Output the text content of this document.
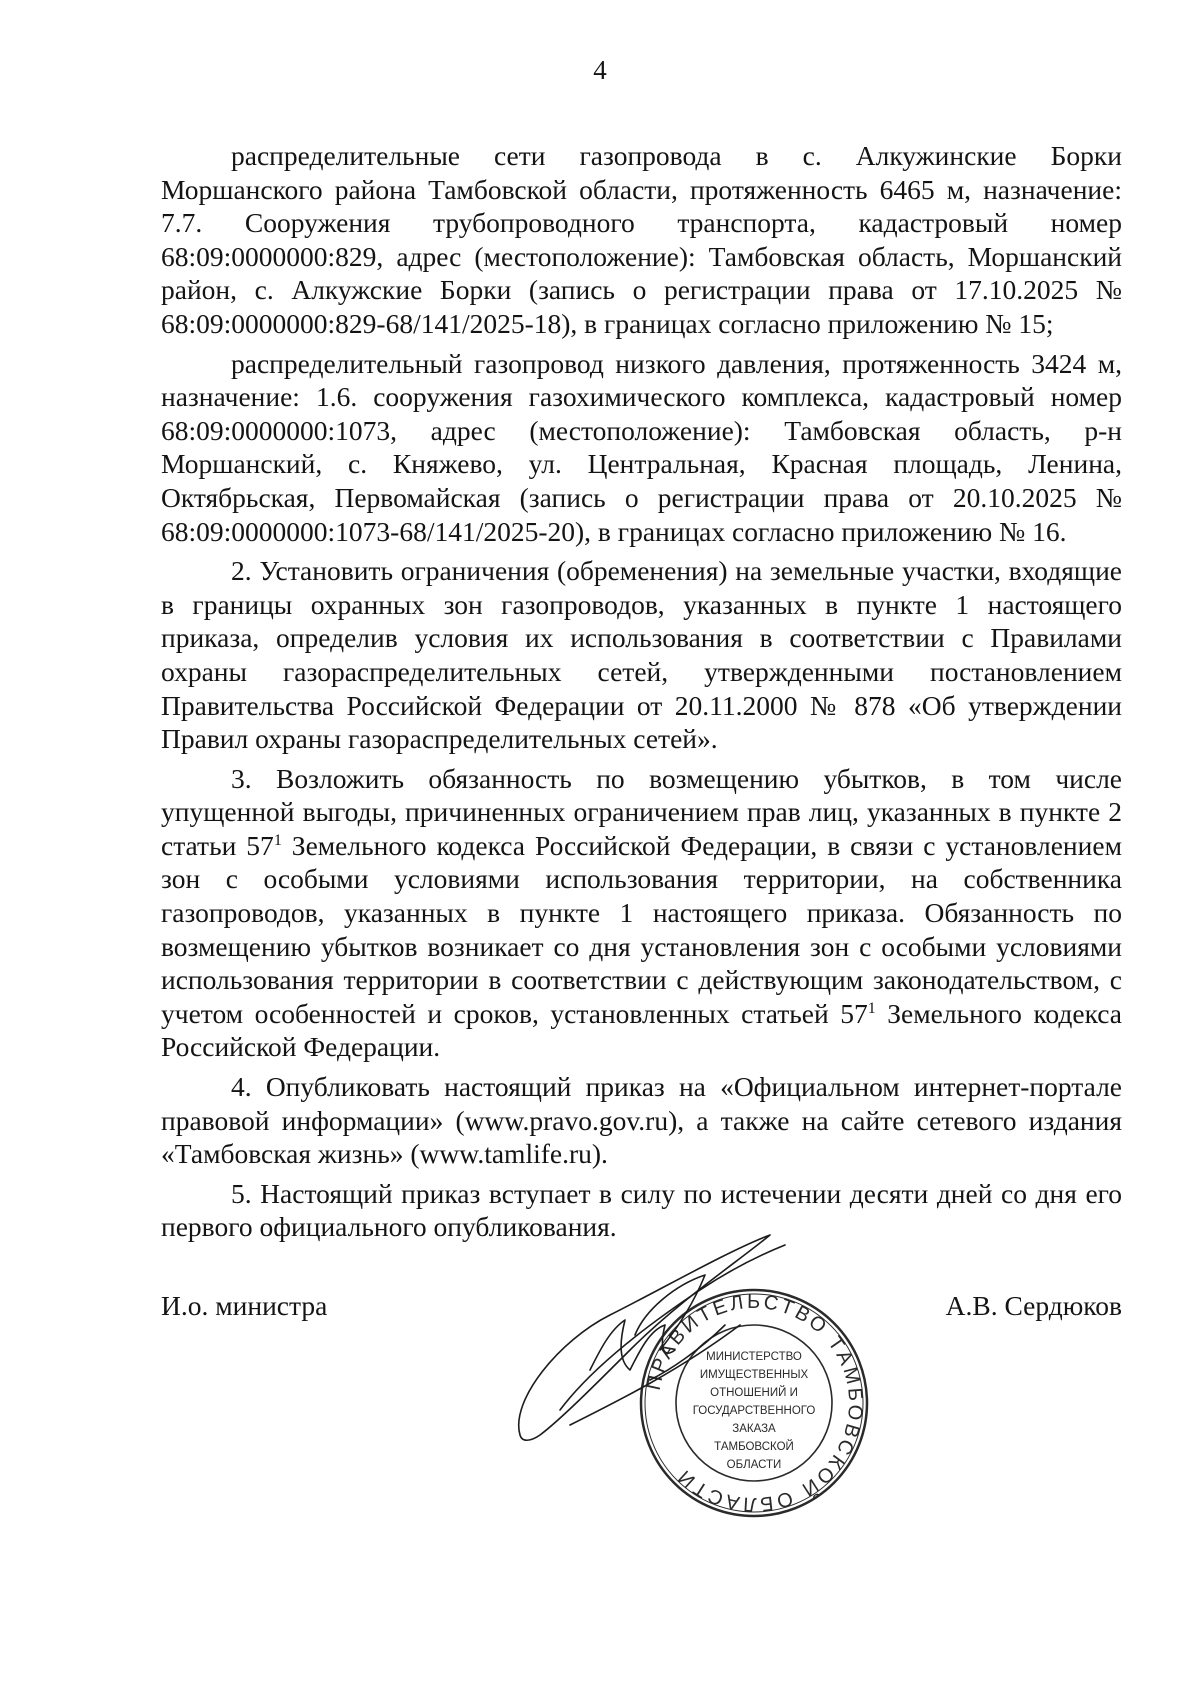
4

распределительные сети газопровода в с. Алкужинские Борки Моршанского района Тамбовской области, протяженность 6465 м, назначение: 7.7. Сооружения трубопроводного транспорта, кадастровый номер 68:09:0000000:829, адрес (местоположение): Тамбовская область, Моршанский район, с. Алкужские Борки (запись о регистрации права от 17.10.2025 № 68:09:0000000:829-68/141/2025-18), в границах согласно приложению № 15;

распределительный газопровод низкого давления, протяженность 3424 м, назначение: 1.6. сооружения газохимического комплекса, кадастровый номер 68:09:0000000:1073, адрес (местоположение): Тамбовская область, р-н Моршанский, с. Княжево, ул. Центральная, Красная площадь, Ленина, Октябрьская, Первомайская (запись о регистрации права от 20.10.2025 № 68:09:0000000:1073-68/141/2025-20), в границах согласно приложению № 16.

2. Установить ограничения (обременения) на земельные участки, входящие в границы охранных зон газопроводов, указанных в пункте 1 настоящего приказа, определив условия их использования в соответствии с Правилами охраны газораспределительных сетей, утвержденными постановлением Правительства Российской Федерации от 20.11.2000 № 878 «Об утверждении Правил охраны газораспределительных сетей».

3. Возложить обязанность по возмещению убытков, в том числе упущенной выгоды, причиненных ограничением прав лиц, указанных в пункте 2 статьи $57^1$ Земельного кодекса Российской Федерации, в связи с установлением зон с особыми условиями использования территории, на собственника газопроводов, указанных в пункте 1 настоящего приказа. Обязанность по возмещению убытков возникает со дня установления зон с особыми условиями использования территории в соответствии с действующим законодательством, с учетом особенностей и сроков, установленных статьей $57^1$ Земельного кодекса Российской Федерации.

4. Опубликовать настоящий приказ на «Официальном интернет-портале правовой информации» (www.pravo.gov.ru), а также на сайте сетевого издания «Тамбовская жизнь» (www.tamlife.ru).

5. Настоящий приказ вступает в силу по истечении десяти дней со дня его первого официального опубликования.

И.о. министра	А.В. Сердюков
ПРАВИТЕЛЬСТВО ТАМБОВСКОЙ ОБЛАСТИ
МИНИСТЕРСТВО
ИМУЩЕСТВЕННЫХ
ОТНОШЕНИЙ И
ГОСУДАРСТВЕННОГО
ЗАКАЗА
ТАМБОВСКОЙ
ОБЛАСТИ
